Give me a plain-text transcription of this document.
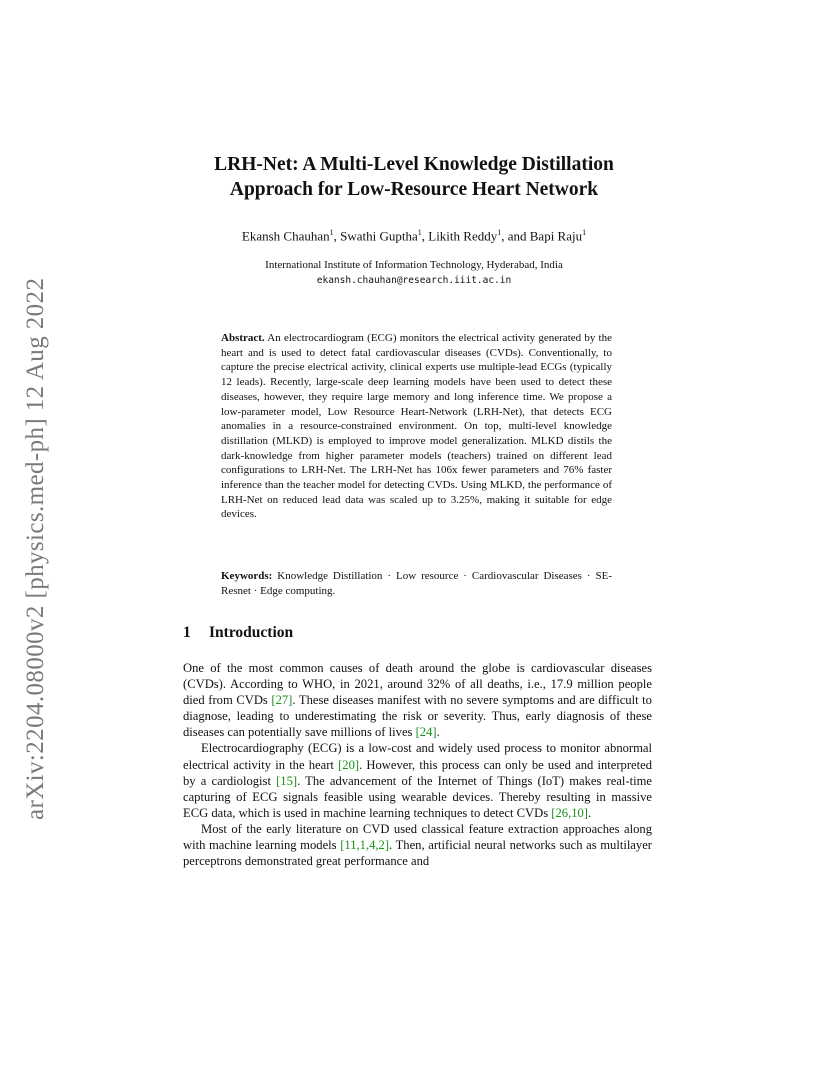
arXiv:2204.08000v2 [physics.med-ph] 12 Aug 2022
LRH-Net: A Multi-Level Knowledge Distillation
Approach for Low-Resource Heart Network
Ekansh Chauhan$^1$, Swathi Guptha$^1$, Likith Reddy$^1$, and Bapi Raju$^1$
International Institute of Information Technology, Hyderabad, India
ekansh.chauhan@research.iiit.ac.in

Abstract. An electrocardiogram (ECG) monitors the electrical activity generated by the heart and is used to detect fatal cardiovascular diseases (CVDs). Conventionally, to capture the precise electrical activity, clinical experts use multiple-lead ECGs (typically 12 leads). Recently, large-scale deep learning models have been used to detect these diseases, however, they require large memory and long inference time. We propose a low-parameter model, Low Resource Heart-Network (LRH-Net), that detects ECG anomalies in a resource-constrained environment. On top, multi-level knowledge distillation (MLKD) is employed to improve model generalization. MLKD distils the dark-knowledge from higher parameter models (teachers) trained on different lead configurations to LRH-Net. The LRH-Net has 106x fewer parameters and 76% faster inference than the teacher model for detecting CVDs. Using MLKD, the performance of LRH-Net on reduced lead data was scaled up to 3.25%, making it suitable for edge devices.

Keywords: Knowledge Distillation · Low resource · Cardiovascular Diseases · SE-Resnet · Edge computing.

1 Introduction

One of the most common causes of death around the globe is cardiovascular diseases (CVDs). According to WHO, in 2021, around 32% of all deaths, i.e., 17.9 million people died from CVDs [27]. These diseases manifest with no severe symptoms and are difficult to diagnose, leading to underestimating the risk or severity. Thus, early diagnosis of these diseases can potentially save millions of lives [24].

Electrocardiography (ECG) is a low-cost and widely used process to monitor abnormal electrical activity in the heart [20]. However, this process can only be used and interpreted by a cardiologist [15]. The advancement of the Internet of Things (IoT) makes real-time capturing of ECG signals feasible using wearable devices. Thereby resulting in massive ECG data, which is used in machine learning techniques to detect CVDs [26,10].

Most of the early literature on CVD used classical feature extraction approaches along with machine learning models [11,1,4,2]. Then, artificial neural networks such as multilayer perceptrons demonstrated great performance and
